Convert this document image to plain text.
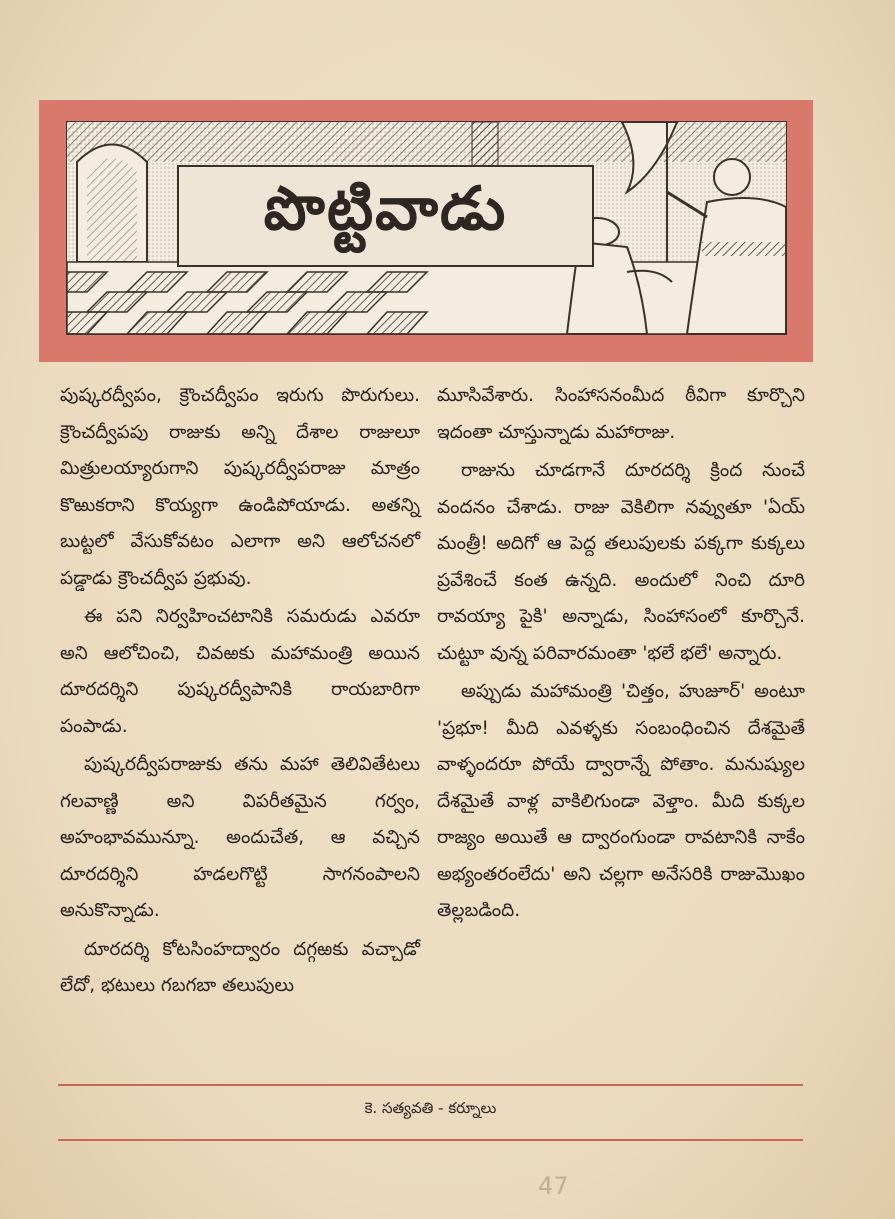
పొట్టివాడు

పుష్కరద్వీపం, క్రౌంచద్వీపం ఇరుగు పొరుగులు. క్రౌంచద్వీపపు రాజుకు అన్ని దేశాల రాజులూ మిత్రులయ్యారుగాని పుష్కరద్వీపరాజు మాత్రం కొఱుకరాని కొయ్యగా ఉండిపోయాడు. అతన్ని బుట్టలో వేసుకోవటం ఎలాగా అని ఆలోచనలో పడ్డాడు క్రౌంచద్వీప ప్రభువు.

ఈ పని నిర్వహించటానికి సమరుడు ఎవరూ అని ఆలోచించి, చివఱకు మహామంత్రి అయిన దూరదర్శిని పుష్కరద్వీపానికి రాయబారిగా పంపాడు.

పుష్కరద్వీపరాజుకు తను మహా తెలివితేటలు గలవాణ్ణి అని విపరీతమైన గర్వం, అహంభావమున్నూ. అందుచేత, ఆ వచ్చిన దూరదర్శిని హడలగొట్టి సాగనంపాలని అనుకొన్నాడు.

దూరదర్శి కోటసింహద్వారం దగ్గఱకు వచ్చాడో లేదో, భటులు గబగబా తలుపులు

మూసివేశారు. సింహాసనంమీద ఠీవిగా కూర్చొని ఇదంతా చూస్తున్నాడు మహారాజు.

రాజును చూడగానే దూరదర్శి క్రింద నుంచే వందనం చేశాడు. రాజు వెకిలిగా నవ్వుతూ 'ఏయ్ మంత్రీ! అదిగో ఆ పెద్ద తలుపులకు పక్కగా కుక్కలు ప్రవేశించే కంత ఉన్నది. అందులో నించి దూరి రావయ్యా పైకి' అన్నాడు, సింహాసంలో కూర్చొనే. చుట్టూ వున్న పరివారమంతా 'భలే భలే' అన్నారు.

అప్పుడు మహామంత్రి 'చిత్తం, హుజూర్' అంటూ 'ప్రభూ! మీది ఎవళ్ళకు సంబంధించిన దేశమైతే వాళ్ళందరూ పోయే ద్వారాన్నే పోతాం. మనుష్యుల దేశమైతే వాళ్ల వాకిలిగుండా వెళ్తాం. మీది కుక్కల రాజ్యం అయితే ఆ ద్వారంగుండా రావటానికి నాకేం అభ్యంతరంలేదు' అని చల్లగా అనేసరికి రాజుమొఖం తెల్లబడింది.

కె. సత్యవతి - కర్నూలు
47
